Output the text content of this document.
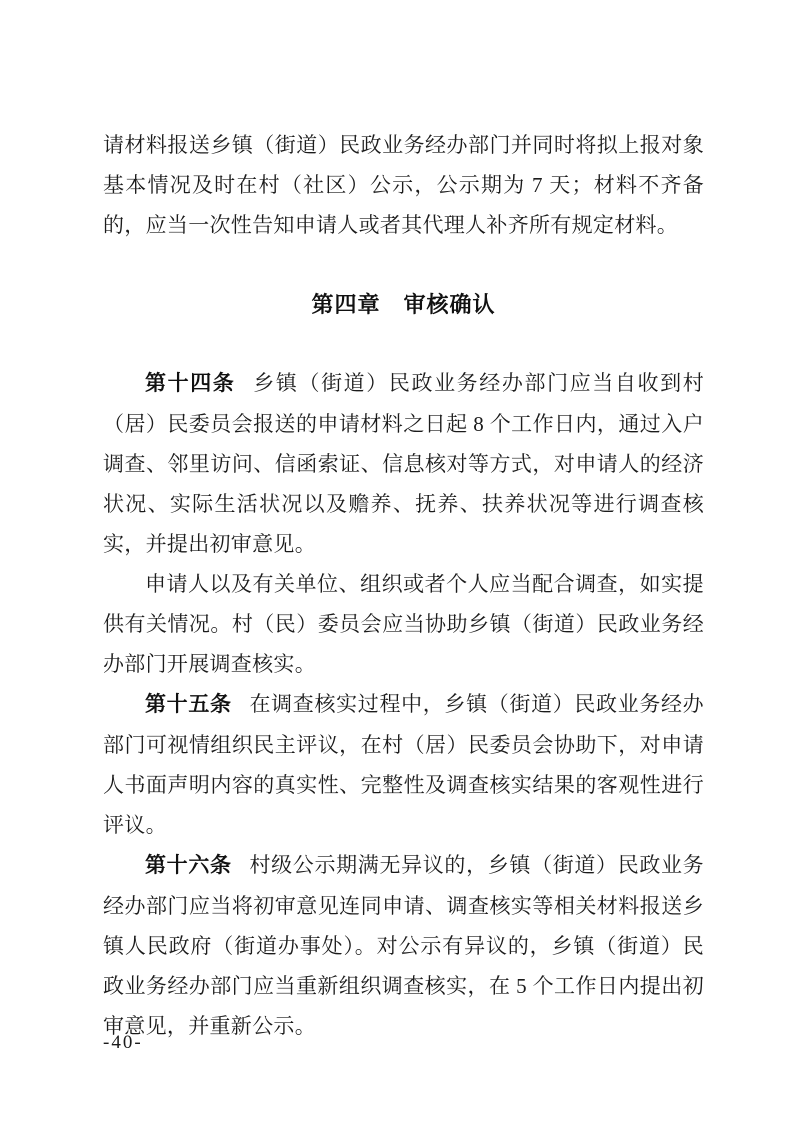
请材料报送乡镇（街道）民政业务经办部门并同时将拟上报对象基本情况及时在村（社区）公示，公示期为 7 天；材料不齐备的，应当一次性告知申请人或者其代理人补齐所有规定材料。

第四章　审核确认

第十四条 乡镇（街道）民政业务经办部门应当自收到村（居）民委员会报送的申请材料之日起 8 个工作日内，通过入户调查、邻里访问、信函索证、信息核对等方式，对申请人的经济状况、实际生活状况以及赡养、抚养、扶养状况等进行调查核实，并提出初审意见。

申请人以及有关单位、组织或者个人应当配合调查，如实提供有关情况。村（民）委员会应当协助乡镇（街道）民政业务经办部门开展调查核实。

第十五条 在调查核实过程中，乡镇（街道）民政业务经办部门可视情组织民主评议，在村（居）民委员会协助下，对申请人书面声明内容的真实性、完整性及调查核实结果的客观性进行评议。

第十六条 村级公示期满无异议的，乡镇（街道）民政业务经办部门应当将初审意见连同申请、调查核实等相关材料报送乡镇人民政府（街道办事处）。对公示有异议的，乡镇（街道）民政业务经办部门应当重新组织调查核实，在 5 个工作日内提出初审意见，并重新公示。

-40-
